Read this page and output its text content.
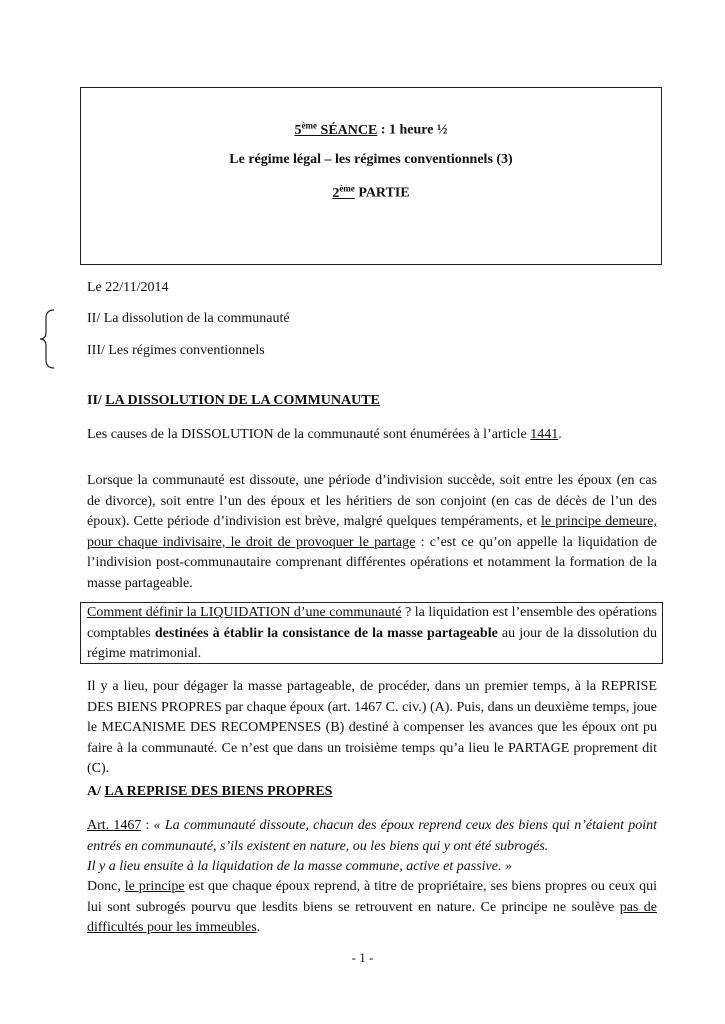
5ème SÉANCE : 1 heure ½
Le régime légal – les régimes conventionnels (3)
2ème PARTIE
Le 22/11/2014
II/ La dissolution de la communauté
III/ Les régimes conventionnels
II/ LA DISSOLUTION DE LA COMMUNAUTE
Les causes de la DISSOLUTION de la communauté sont énumérées à l’article 1441.
Lorsque la communauté est dissoute, une période d’indivision succède, soit entre les époux (en cas de divorce), soit entre l’un des époux et les héritiers de son conjoint (en cas de décès de l’un des époux). Cette période d’indivision est brève, malgré quelques tempéraments, et le principe demeure, pour chaque indivisaire, le droit de provoquer le partage : c’est ce qu’on appelle la liquidation de l’indivision post-communautaire comprenant différentes opérations et notamment la formation de la masse partageable.
Comment définir la LIQUIDATION d’une communauté ? la liquidation est l’ensemble des opérations comptables destinées à établir la consistance de la masse partageable au jour de la dissolution du régime matrimonial.
Il y a lieu, pour dégager la masse partageable, de procéder, dans un premier temps, à la REPRISE DES BIENS PROPRES par chaque époux (art. 1467 C. civ.) (A). Puis, dans un deuxième temps, joue le MECANISME DES RECOMPENSES (B) destiné à compenser les avances que les époux ont pu faire à la communauté. Ce n’est que dans un troisième temps qu’a lieu le PARTAGE proprement dit (C).
A/ LA REPRISE DES BIENS PROPRES
Art. 1467 : « La communauté dissoute, chacun des époux reprend ceux des biens qui n’étaient point entrés en communauté, s’ils existent en nature, ou les biens qui y ont été subrogés.
Il y a lieu ensuite à la liquidation de la masse commune, active et passive. »
Donc, le principe est que chaque époux reprend, à titre de propriétaire, ses biens propres ou ceux qui lui sont subrogés pourvu que lesdits biens se retrouvent en nature. Ce principe ne soulève pas de difficultés pour les immeubles.
- 1 -
